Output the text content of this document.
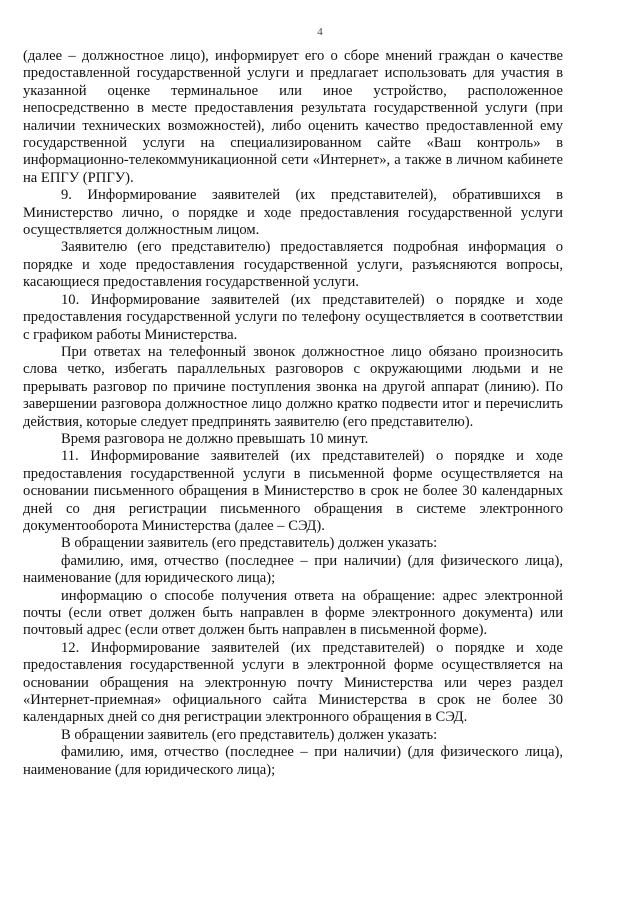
4

(далее – должностное лицо), информирует его о сборе мнений граждан о качестве предоставленной государственной услуги и предлагает использовать для участия в указанной оценке терминальное или иное устройство, расположенное непосредственно в месте предоставления результата государственной услуги (при наличии технических возможностей), либо оценить качество предоставленной ему государственной услуги на специализированном сайте «Ваш контроль» в информационно-телекоммуникационной сети «Интернет», а также в личном кабинете на ЕПГУ (РПГУ).

9. Информирование заявителей (их представителей), обратившихся в Министерство лично, о порядке и ходе предоставления государственной услуги осуществляется должностным лицом.

Заявителю (его представителю) предоставляется подробная информация о порядке и ходе предоставления государственной услуги, разъясняются вопросы, касающиеся предоставления государственной услуги.

10. Информирование заявителей (их представителей) о порядке и ходе предоставления государственной услуги по телефону осуществляется в соответствии с графиком работы Министерства.

При ответах на телефонный звонок должностное лицо обязано произносить слова четко, избегать параллельных разговоров с окружающими людьми и не прерывать разговор по причине поступления звонка на другой аппарат (линию). По завершении разговора должностное лицо должно кратко подвести итог и перечислить действия, которые следует предпринять заявителю (его представителю).

Время разговора не должно превышать 10 минут.

11. Информирование заявителей (их представителей) о порядке и ходе предоставления государственной услуги в письменной форме осуществляется на основании письменного обращения в Министерство в срок не более 30 календарных дней со дня регистрации письменного обращения в системе электронного документооборота Министерства (далее – СЭД).

В обращении заявитель (его представитель) должен указать:

фамилию, имя, отчество (последнее – при наличии) (для физического лица), наименование (для юридического лица);

информацию о способе получения ответа на обращение: адрес электронной почты (если ответ должен быть направлен в форме электронного документа) или почтовый адрес (если ответ должен быть направлен в письменной форме).

12. Информирование заявителей (их представителей) о порядке и ходе предоставления государственной услуги в электронной форме осуществляется на основании обращения на электронную почту Министерства или через раздел «Интернет-приемная» официального сайта Министерства в срок не более 30 календарных дней со дня регистрации электронного обращения в СЭД.

В обращении заявитель (его представитель) должен указать:

фамилию, имя, отчество (последнее – при наличии) (для физического лица), наименование (для юридического лица);
